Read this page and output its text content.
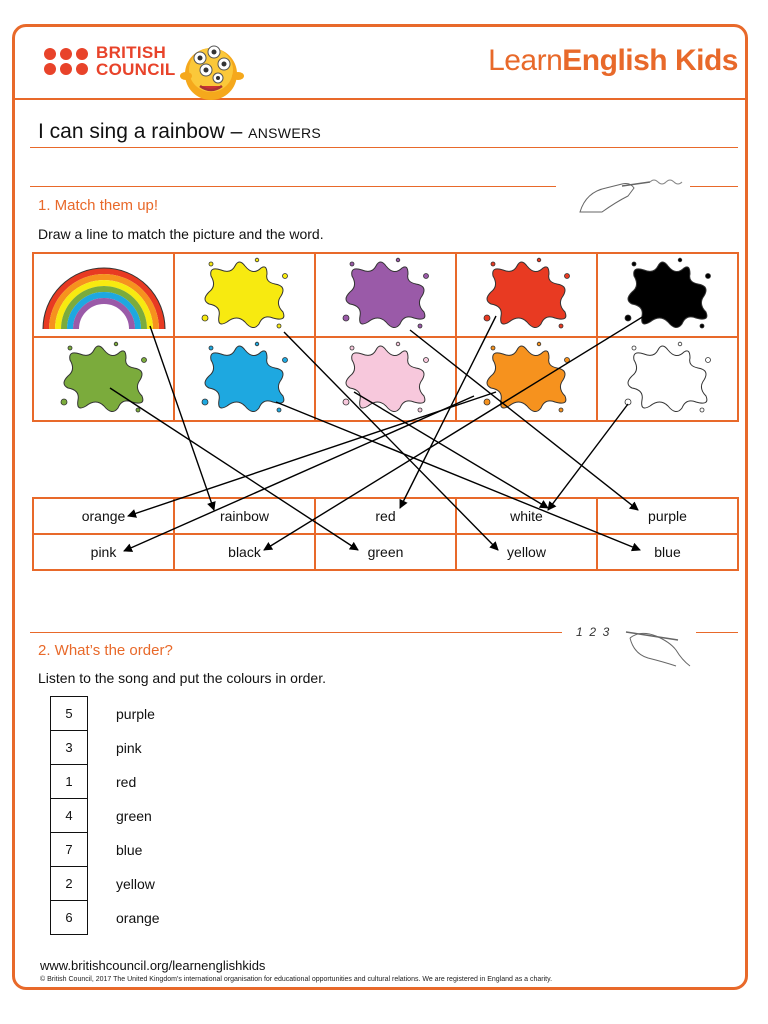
BRITISH
COUNCIL	LearnEnglish Kids
I can sing a rainbow – ANSWERS
1. Match them up!
Draw a line to match the picture and the word.

orange	rainbow	red	white	purple
pink	black	green	yellow	blue
1  2  3
2. What’s the order?
Listen to the song and put the colours in order.
5	purple
3	pink
1	red
4	green
7	blue
2	yellow
6	orange
www.britishcouncil.org/learnenglishkids
© British Council, 2017 The United Kingdom’s international organisation for educational opportunities and cultural relations. We are registered in England as a charity.
